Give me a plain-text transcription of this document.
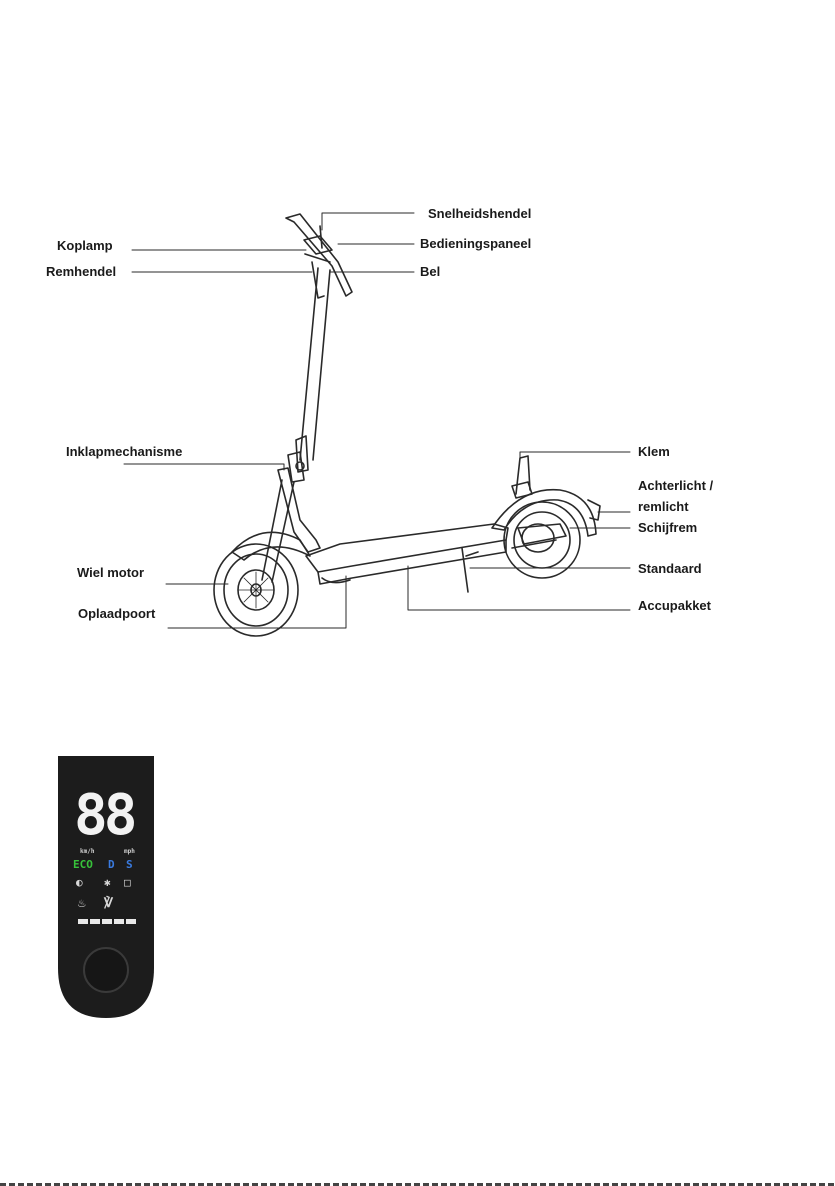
Snelheidshendel
Koplamp	Bedieningspaneel
Remhendel	Bel
Inklapmechanisme	Klem
Achterlicht /
remlicht
Schijfrem
Wiel motor	Standaard
Oplaadpoort
Accupakket
88
km/h	mph
ECO D S
◐ ✱ □
♨ ℣
